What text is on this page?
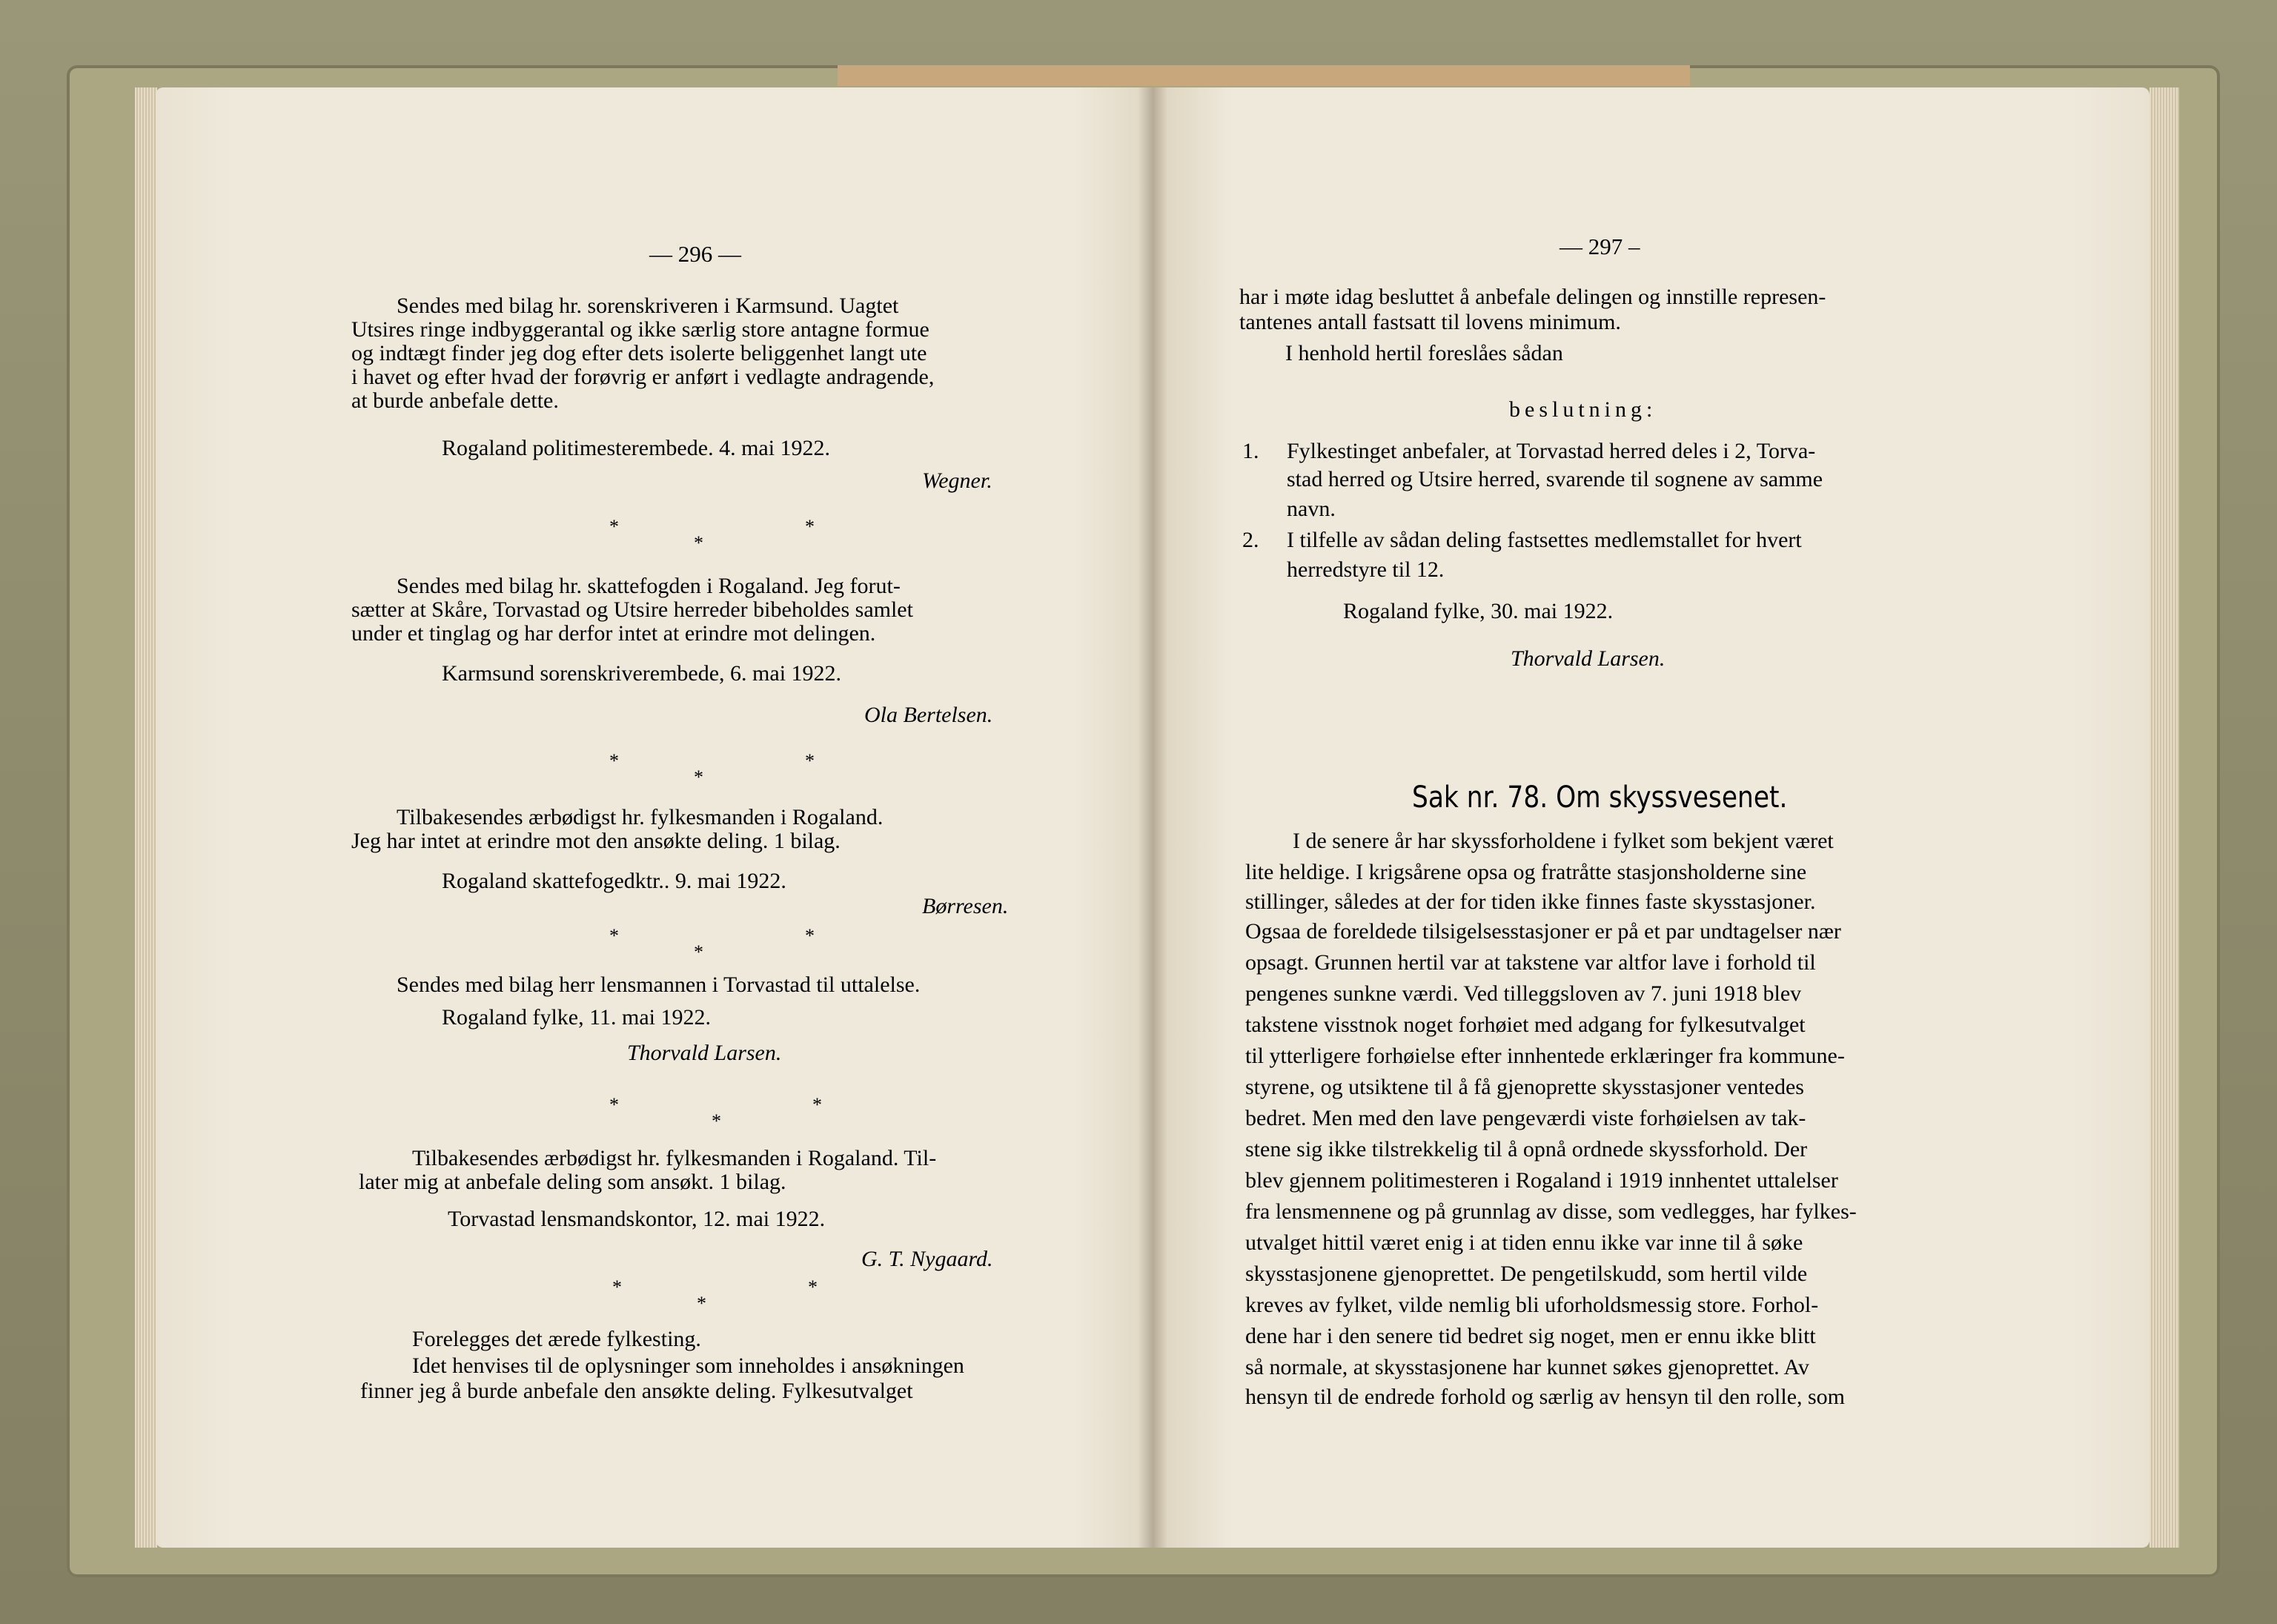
— 296 —
Sendes med bilag hr. sorenskriveren i Karmsund. Uagtet
Utsires ringe indbyggerantal og ikke særlig store antagne formue
og indtægt finder jeg dog efter dets isolerte beliggenhet langt ute
i havet og efter hvad der forøvrig er anført i vedlagte andragende,
at burde anbefale dette.
Rogaland politimesterembede. 4. mai 1922.
Wegner.
*
*
*
Sendes med bilag hr. skattefogden i Rogaland. Jeg forut-
sætter at Skåre, Torvastad og Utsire herreder bibeholdes samlet
under et tinglag og har derfor intet at erindre mot delingen.
Karmsund sorenskriverembede, 6. mai 1922.
Ola Bertelsen.
*
*
*
Tilbakesendes ærbødigst hr. fylkesmanden i Rogaland.
Jeg har intet at erindre mot den ansøkte deling. 1 bilag.
Rogaland skattefogedktr.. 9. mai 1922.
Børresen.
*
*
*
Sendes med bilag herr lensmannen i Torvastad til uttalelse.
Rogaland fylke, 11. mai 1922.
Thorvald Larsen.
*
*
*
Tilbakesendes ærbødigst hr. fylkesmanden i Rogaland. Til-
later mig at anbefale deling som ansøkt. 1 bilag.
Torvastad lensmandskontor, 12. mai 1922.
G. T. Nygaard.
*
*
*
Forelegges det ærede fylkesting.
Idet henvises til de oplysninger som inneholdes i ansøkningen
finner jeg å burde anbefale den ansøkte deling. Fylkesutvalget
— 297 –
har i møte idag besluttet å anbefale delingen og innstille represen-
tantenes antall fastsatt til lovens minimum.
I henhold hertil foreslåes sådan
beslutning:
1. Fylkestinget anbefaler, at Torvastad herred deles i 2, Torva-
stad herred og Utsire herred, svarende til sognene av samme
navn.
2. I tilfelle av sådan deling fastsettes medlemstallet for hvert
herredstyre til 12.
Rogaland fylke, 30. mai 1922.
Thorvald Larsen.
Sak nr. 78. Om skyssvesenet.
I de senere år har skyssforholdene i fylket som bekjent været
lite heldige. I krigsårene opsa og fratråtte stasjonsholderne sine
stillinger, således at der for tiden ikke finnes faste skysstasjoner.
Ogsaa de foreldede tilsigelsesstasjoner er på et par undtagelser nær
opsagt. Grunnen hertil var at takstene var altfor lave i forhold til
pengenes sunkne værdi. Ved tilleggsloven av 7. juni 1918 blev
takstene visstnok noget forhøiet med adgang for fylkesutvalget
til ytterligere forhøielse efter innhentede erklæringer fra kommune-
styrene, og utsiktene til å få gjenoprette skysstasjoner ventedes
bedret. Men med den lave pengeværdi viste forhøielsen av tak-
stene sig ikke tilstrekkelig til å opnå ordnede skyssforhold. Der
blev gjennem politimesteren i Rogaland i 1919 innhentet uttalelser
fra lensmennene og på grunnlag av disse, som vedlegges, har fylkes-
utvalget hittil været enig i at tiden ennu ikke var inne til å søke
skysstasjonene gjenoprettet. De pengetilskudd, som hertil vilde
kreves av fylket, vilde nemlig bli uforholdsmessig store. Forhol-
dene har i den senere tid bedret sig noget, men er ennu ikke blitt
så normale, at skysstasjonene har kunnet søkes gjenoprettet. Av
hensyn til de endrede forhold og særlig av hensyn til den rolle, som
